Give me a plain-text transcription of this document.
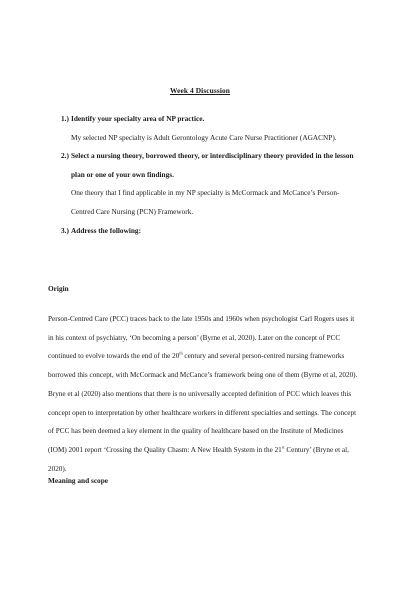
Week 4 Discussion
1.) Identify your specialty area of NP practice.
My selected NP specialty is Adult Gerontology Acute Care Nurse Practitioner (AGACNP).
2.) Select a nursing theory, borrowed theory, or interdisciplinary theory provided in the lesson plan or one of your own findings.
One theory that I find applicable in my NP specialty is McCormack and McCance’s Person-Centred Care Nursing (PCN) Framework.
3.) Address the following:
Origin
Person-Centred Care (PCC) traces back to the late 1950s and 1960s when psychologist Carl Rogers uses it in his context of psychiatry, ‘On becoming a person’ (Byrne et al, 2020). Later on the concept of PCC continued to evolve towards the end of the 20th century and several person-centred nursing frameworks borrowed this concept, with McCormack and McCance’s framework being one of them (Byrne et al, 2020). Bryne et al (2020) also mentions that there is no universally accepted definition of PCC which leaves this concept open to interpretation by other healthcare workers in different specialties and settings. The concept of PCC has been deemed a key element in the quality of healthcare based on the Institute of Medicines (IOM) 2001 report ‘Crossing the Quality Chasm: A New Health System in the 21st Century’ (Bryne et al, 2020).
Meaning and scope
